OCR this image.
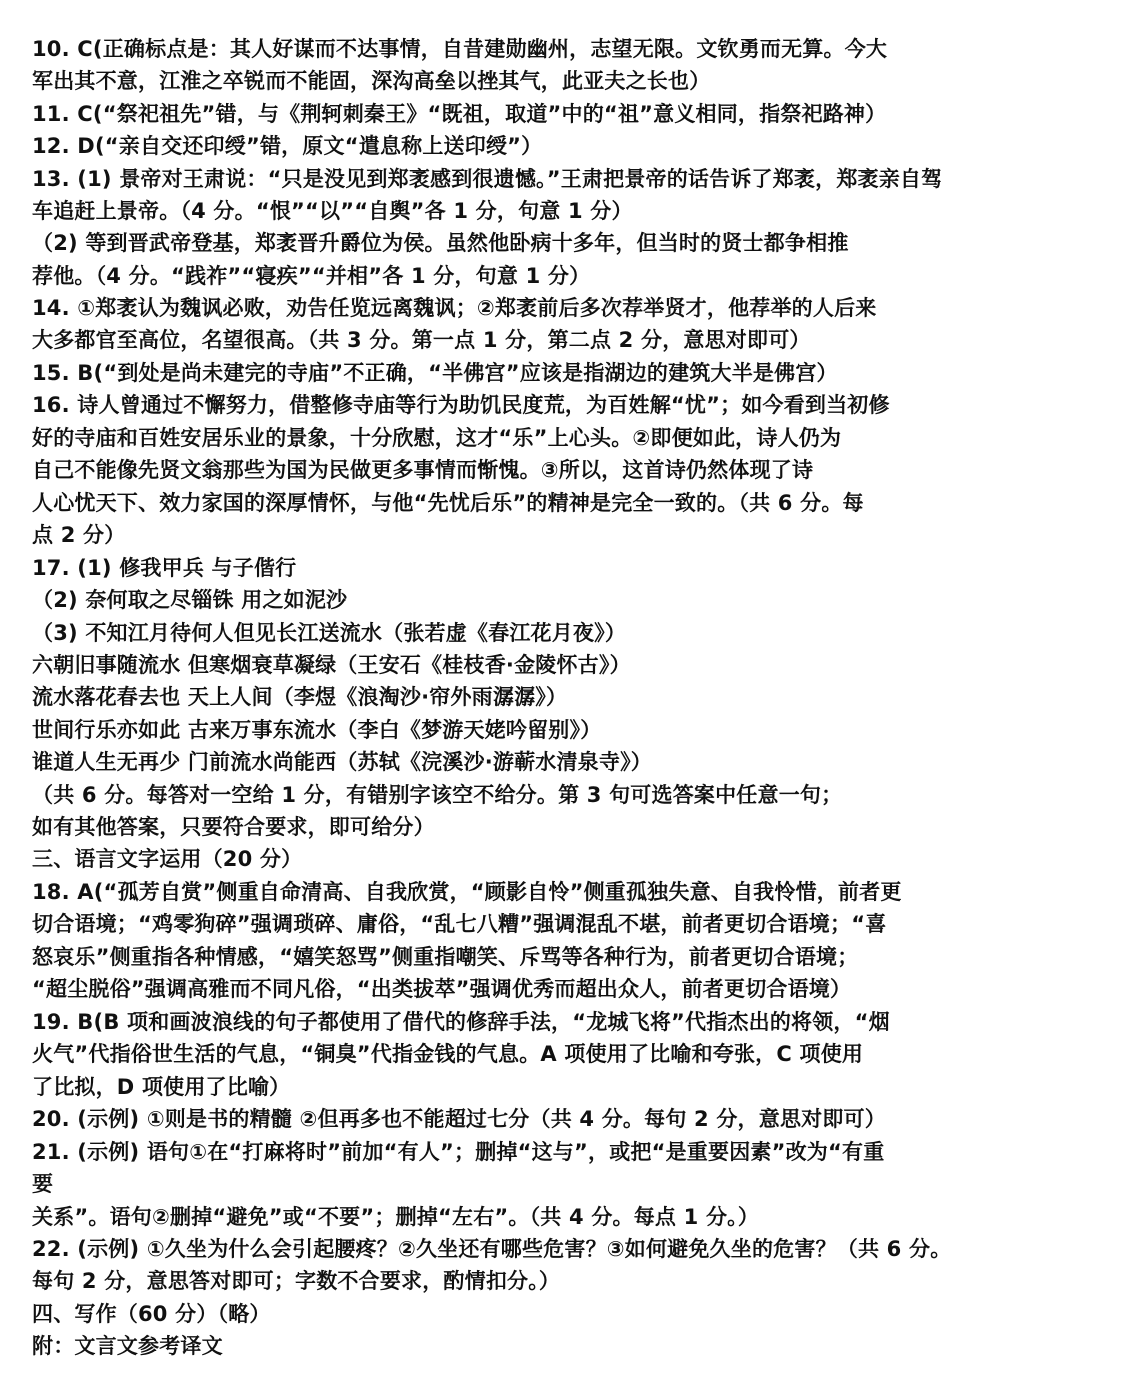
10. C(正确标点是：其人好谋而不达事情，自昔建勋幽州，志望无限。文钦勇而无算。今大
军出其不意，江淮之卒锐而不能固，深沟高垒以挫其气，此亚夫之长也）
11. C(“祭祀祖先”错，与《荆轲刺秦王》“既祖，取道”中的“祖”意义相同，指祭祀路神）
12. D(“亲自交还印绶”错，原文“遣息称上送印绶”）
13. (1) 景帝对王肃说：“只是没见到郑袤感到很遗憾。”王肃把景帝的话告诉了郑袤，郑袤亲自驾
车追赶上景帝。（4 分。“恨”“以”“自舆”各 1 分，句意 1 分）
（2) 等到晋武帝登基，郑袤晋升爵位为侯。虽然他卧病十多年，但当时的贤士都争相推
荐他。（4 分。“践祚”“寝疾”“并相”各 1 分，句意 1 分）
14. ①郑袤认为魏讽必败，劝告任览远离魏讽；②郑袤前后多次荐举贤才，他荐举的人后来
大多都官至高位，名望很高。（共 3 分。第一点 1 分，第二点 2 分，意思对即可）
15. B(“到处是尚未建完的寺庙”不正确，“半佛宫”应该是指湖边的建筑大半是佛宫）
16. 诗人曾通过不懈努力，借整修寺庙等行为助饥民度荒，为百姓解“忧”；如今看到当初修
好的寺庙和百姓安居乐业的景象，十分欣慰，这才“乐”上心头。②即便如此，诗人仍为
自己不能像先贤文翁那些为国为民做更多事情而惭愧。③所以，这首诗仍然体现了诗
人心忧天下、效力家国的深厚情怀，与他“先忧后乐”的精神是完全一致的。（共 6 分。每
点 2 分）
17. (1) 修我甲兵 与子偕行
（2) 奈何取之尽锱铢 用之如泥沙
（3) 不知江月待何人但见长江送流水（张若虚《春江花月夜》）
六朝旧事随流水 但寒烟衰草凝绿（王安石《桂枝香·金陵怀古》）
流水落花春去也 天上人间（李煜《浪淘沙·帘外雨潺潺》）
世间行乐亦如此 古来万事东流水（李白《梦游天姥吟留别》）
谁道人生无再少 门前流水尚能西（苏轼《浣溪沙·游蕲水清泉寺》）
（共 6 分。每答对一空给 1 分，有错别字该空不给分。第 3 句可选答案中任意一句；
如有其他答案，只要符合要求，即可给分）
三、语言文字运用（20 分）
18. A(“孤芳自赏”侧重自命清高、自我欣赏，“顾影自怜”侧重孤独失意、自我怜惜，前者更
切合语境；“鸡零狗碎”强调琐碎、庸俗，“乱七八糟”强调混乱不堪，前者更切合语境；“喜
怒哀乐”侧重指各种情感，“嬉笑怒骂”侧重指嘲笑、斥骂等各种行为，前者更切合语境；
“超尘脱俗”强调高雅而不同凡俗，“出类拔萃”强调优秀而超出众人，前者更切合语境）
19. B(B 项和画波浪线的句子都使用了借代的修辞手法，“龙城飞将”代指杰出的将领，“烟
火气”代指俗世生活的气息，“铜臭”代指金钱的气息。A 项使用了比喻和夸张，C 项使用
了比拟，D 项使用了比喻）
20. (示例) ①则是书的精髓 ②但再多也不能超过七分（共 4 分。每句 2 分，意思对即可）
21. (示例) 语句①在“打麻将时”前加“有人”；删掉“这与”，或把“是重要因素”改为“有重
要
关系”。语句②删掉“避免”或“不要”；删掉“左右”。（共 4 分。每点 1 分。）
22. (示例) ①久坐为什么会引起腰疼？②久坐还有哪些危害？③如何避免久坐的危害？（共 6 分。
每句 2 分，意思答对即可；字数不合要求，酌情扣分。）
四、写作（60 分）（略）
附：文言文参考译文
